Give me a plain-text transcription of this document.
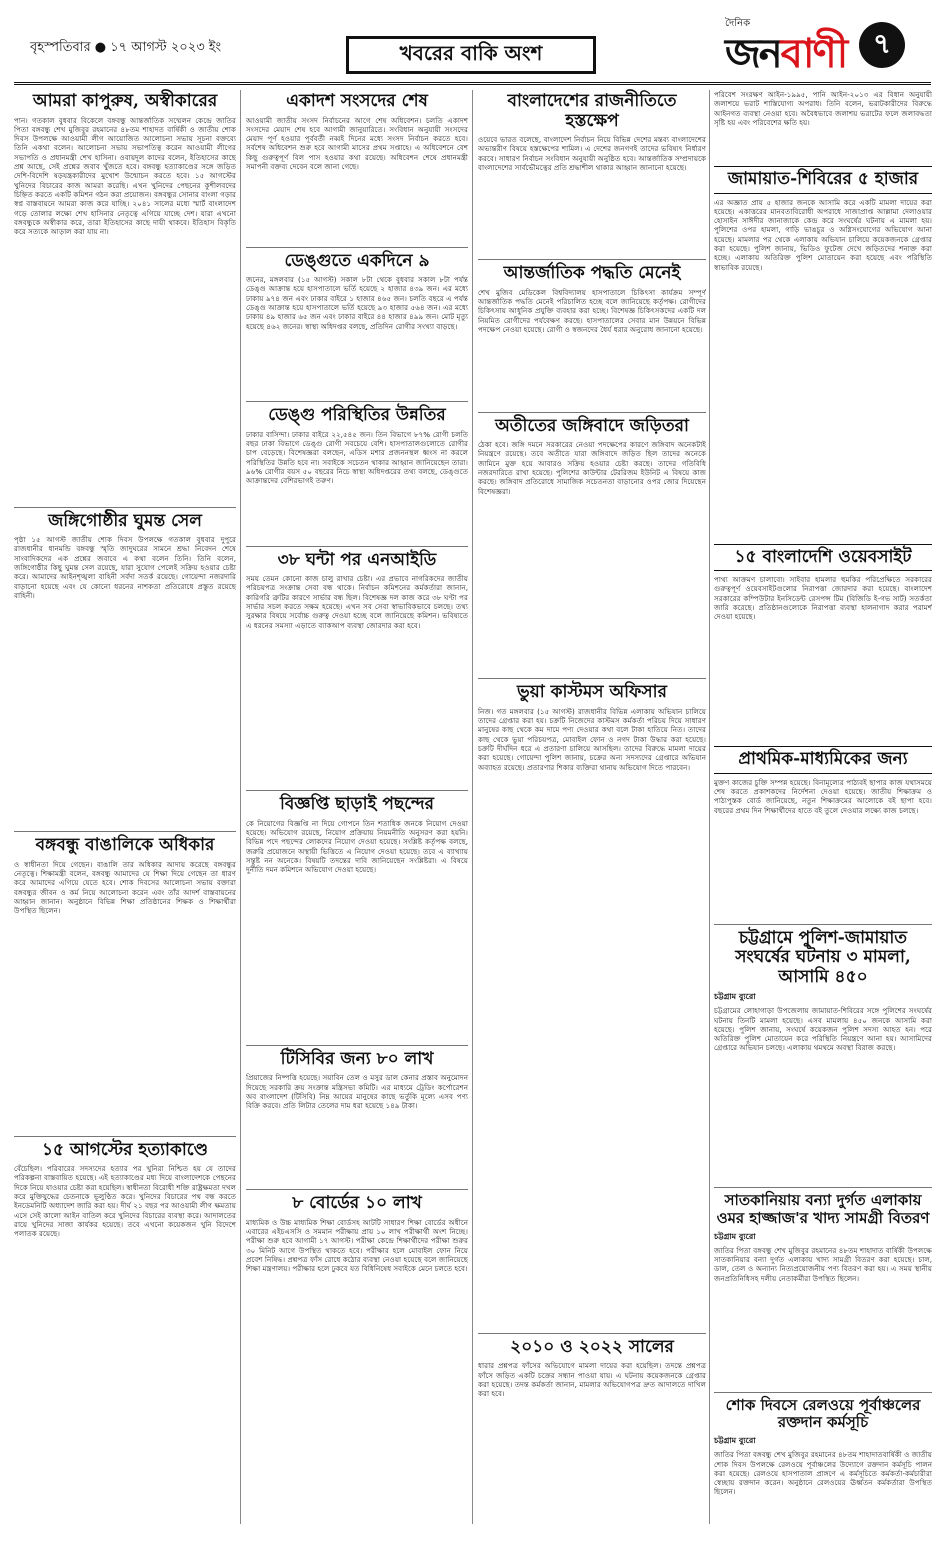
বৃহস্পতিবার ● ১৭ আগস্ট ২০২৩ ইং	খবরের বাকি অংশ
দৈনিক
জনবাণী ৭
আমরা কাপুরুষ, অস্বীকারের

পান। গতকাল বুধবার বিকেলে বঙ্গবন্ধু আন্তর্জাতিক সম্মেলন কেন্দ্রে জাতির পিতা বঙ্গবন্ধু শেখ মুজিবুর রহমানের ৪৮তম শাহাদত বার্ষিকী ও জাতীয় শোক দিবস উপলক্ষে আওয়ামী লীগ আয়োজিত আলোচনা সভায় সূচনা বক্তব্যে তিনি একথা বলেন। আলোচনা সভায় সভাপতিত্ব করেন আওয়ামী লীগের সভাপতি ও প্রধানমন্ত্রী শেখ হাসিনা। ওবায়দুল কাদের বলেন, ইতিহাসের কাছে প্রশ্ন আছে, সেই প্রশ্নের জবাব খুঁজতে হবে। বঙ্গবন্ধু হত্যাকাণ্ডের সঙ্গে জড়িত দেশি-বিদেশি ষড়যন্ত্রকারীদের মুখোশ উন্মোচন করতে হবে। ১৫ আগস্টের খুনিদের বিচারের কাজ আমরা করেছি। এখন খুনিদের পেছনের কুশীলবদের চিহ্নিত করতে একটি কমিশন গঠন করা প্রয়োজন। বঙ্গবন্ধুর সোনার বাংলা গড়ার স্বপ্ন বাস্তবায়নে আমরা কাজ করে যাচ্ছি। ২০৪১ সালের মধ্যে স্মার্ট বাংলাদেশ গড়ে তোলার লক্ষ্যে শেখ হাসিনার নেতৃত্বে এগিয়ে যাচ্ছে দেশ। যারা এখনো বঙ্গবন্ধুকে অস্বীকার করে, তারা ইতিহাসের কাছে দায়ী থাকবে। ইতিহাস বিকৃতি করে সত্যকে আড়াল করা যায় না।

জঙ্গিগোষ্ঠীর ঘুমন্ত সেল

পৃষ্ঠা ১৫ আগস্ট জাতীয় শোক দিবস উপলক্ষে গতকাল বুধবার দুপুরে রাজধানীর ধানমন্ডি বঙ্গবন্ধু স্মৃতি জাদুঘরের সামনে শ্রদ্ধা নিবেদন শেষে সাংবাদিকদের এক প্রশ্নের জবাবে এ কথা বলেন তিনি। তিনি বলেন, জঙ্গিগোষ্ঠীর কিছু ঘুমন্ত সেল রয়েছে, যারা সুযোগ পেলেই সক্রিয় হওয়ার চেষ্টা করে। আমাদের আইনশৃঙ্খলা বাহিনী সর্বদা সতর্ক রয়েছে। গোয়েন্দা নজরদারি বাড়ানো হয়েছে এবং যে কোনো ধরনের নাশকতা প্রতিরোধে প্রস্তুত রয়েছে বাহিনী।

বঙ্গবন্ধু বাঙালিকে অধিকার

ও স্বাধীনতা দিয়ে গেছেন। বাঙালি তার অধিকার আদায় করেছে বঙ্গবন্ধুর নেতৃত্বে। শিক্ষামন্ত্রী বলেন, বঙ্গবন্ধু আমাদের যে শিক্ষা দিয়ে গেছেন তা ধারণ করে আমাদের এগিয়ে যেতে হবে। শোক দিবসের আলোচনা সভায় বক্তারা বঙ্গবন্ধুর জীবন ও কর্ম নিয়ে আলোচনা করেন এবং তাঁর আদর্শ বাস্তবায়নের আহ্বান জানান। অনুষ্ঠানে বিভিন্ন শিক্ষা প্রতিষ্ঠানের শিক্ষক ও শিক্ষার্থীরা উপস্থিত ছিলেন।

১৫ আগস্টের হত্যাকাণ্ডে

বেঁচেছিল। পরিবারের সদস্যদের হত্যার পর খুনিরা নিশ্চিত হয় যে তাদের পরিকল্পনা বাস্তবায়িত হয়েছে। এই হত্যাকাণ্ডের মধ্য দিয়ে বাংলাদেশকে পেছনের দিকে নিয়ে যাওয়ার চেষ্টা করা হয়েছিল। স্বাধীনতা বিরোধী শক্তি রাষ্ট্রক্ষমতা দখল করে মুক্তিযুদ্ধের চেতনাকে ভূলুণ্ঠিত করে। খুনিদের বিচারের পথ বন্ধ করতে ইনডেমনিটি অধ্যাদেশ জারি করা হয়। দীর্ঘ ২১ বছর পর আওয়ামী লীগ ক্ষমতায় এসে সেই কালো আইন বাতিল করে খুনিদের বিচারের ব্যবস্থা করে। আদালতের রায়ে খুনিদের সাজা কার্যকর হয়েছে। তবে এখনো কয়েকজন খুনি বিদেশে পলাতক রয়েছে।

একাদশ সংসদের শেষ

আওয়ামী জাতীয় সংসদ নির্বাচনের আগে শেষ অধিবেশন। চলতি একাদশ সংসদের মেয়াদ শেষ হবে আগামী জানুয়ারিতে। সংবিধান অনুযায়ী সংসদের মেয়াদ পূর্ণ হওয়ার পূর্ববর্তী নব্বই দিনের মধ্যে সংসদ নির্বাচন করতে হবে। সর্বশেষ অধিবেশন শুরু হবে আগামী মাসের প্রথম সপ্তাহে। এ অধিবেশনে বেশ কিছু গুরুত্বপূর্ণ বিল পাস হওয়ার কথা রয়েছে। অধিবেশন শেষে প্রধানমন্ত্রী সমাপনী বক্তব্য দেবেন বলে জানা গেছে।

ডেঙ্গুতে একদিনে ৯

জনের, মঙ্গলবার (১৫ আগস্ট) সকাল ৮টা থেকে বুধবার সকাল ৮টা পর্যন্ত ডেঙ্গু আক্রান্ত হয়ে হাসপাতালে ভর্তি হয়েছে ২ হাজার ৪৩৯ জন। এর মধ্যে ঢাকায় ৯৭৪ জন এবং ঢাকার বাইরে ১ হাজার ৪৬৫ জন। চলতি বছরে এ পর্যন্ত ডেঙ্গু আক্রান্ত হয়ে হাসপাতালে ভর্তি হয়েছে ৯৩ হাজার ৫৬৪ জন। এর মধ্যে ঢাকায় ৪৯ হাজার ৬৫ জন এবং ঢাকার বাইরে ৪৪ হাজার ৪৯৯ জন। মোট মৃত্যু হয়েছে ৪৬২ জনের। স্বাস্থ্য অধিদপ্তর বলছে, প্রতিদিন রোগীর সংখ্যা বাড়ছে।

ডেঙ্গু পরিস্থিতির উন্নতির

ঢাকার বাসিন্দা। ঢাকার বাইরে ২২,৫৪৫ জন। তিন বিভাগে ৮৭% রোগী চলতি বছর ঢাকা বিভাগে ডেঙ্গু রোগী সবচেয়ে বেশি। হাসপাতালগুলোতে রোগীর চাপ বেড়েছে। বিশেষজ্ঞরা বলছেন, এডিস মশার প্রজননস্থল ধ্বংস না করলে পরিস্থিতির উন্নতি হবে না। সবাইকে সচেতন থাকার আহ্বান জানিয়েছেন তারা। ৯৬% রোগীর বয়স ৫০ বছরের নিচে স্বাস্থ্য অধিদপ্তরের তথ্য বলছে, ডেঙ্গুতে আক্রান্তদের বেশিরভাগই তরুণ।

৩৮ ঘন্টা পর এনআইডি

সময় তেমন কোনো কাজ চালু রাখার চেষ্টা। এর প্রভাবে নাগরিকদের জাতীয় পরিচয়পত্র সংক্রান্ত সেবা বন্ধ থাকে। নির্বাচন কমিশনের কর্মকর্তারা জানান, কারিগরি ত্রুটির কারণে সার্ভার বন্ধ ছিল। বিশেষজ্ঞ দল কাজ করে ৩৮ ঘণ্টা পর সার্ভার সচল করতে সক্ষম হয়েছে। এখন সব সেবা স্বাভাবিকভাবে চলছে। তথ্য সুরক্ষার বিষয়ে সর্বোচ্চ গুরুত্ব দেওয়া হচ্ছে বলে জানিয়েছে কমিশন। ভবিষ্যতে এ ধরনের সমস্যা এড়াতে ব্যাকআপ ব্যবস্থা জোরদার করা হবে।

বিজ্ঞপ্তি ছাড়াই পছন্দের

কে নিয়োগের বিজ্ঞপ্তি না দিয়ে গোপনে তিন শতাধিক জনকে নিয়োগ দেওয়া হয়েছে। অভিযোগ রয়েছে, নিয়োগ প্রক্রিয়ায় নিয়মনীতি অনুসরণ করা হয়নি। বিভিন্ন পদে পছন্দের লোকদের নিয়োগ দেওয়া হয়েছে। সংশ্লিষ্ট কর্তৃপক্ষ বলছে, জরুরি প্রয়োজনে অস্থায়ী ভিত্তিতে এ নিয়োগ দেওয়া হয়েছে। তবে এ ব্যাখ্যায় সন্তুষ্ট নন অনেকে। বিষয়টি তদন্তের দাবি জানিয়েছেন সংশ্লিষ্টরা। এ বিষয়ে দুর্নীতি দমন কমিশনে অভিযোগ দেওয়া হয়েছে।

টিসিবির জন্য ৮০ লাখ

প্রিয়াজের নিষ্পত্তি হয়েছে। সয়াবিন তেল ও মসুর ডাল কেনার প্রস্তাব অনুমোদন দিয়েছে সরকারি ক্রয় সংক্রান্ত মন্ত্রিসভা কমিটি। এর মাধ্যমে ট্রেডিং কর্পোরেশন অব বাংলাদেশ (টিসিবি) নিম্ন আয়ের মানুষের কাছে ভর্তুকি মূল্যে এসব পণ্য বিক্রি করবে। প্রতি লিটার তেলের দাম ধরা হয়েছে ১৪৯ টাকা।

৮ বোর্ডের ১০ লাখ

মাধ্যমিক ও উচ্চ মাধ্যমিক শিক্ষা বোর্ডসহ আটটি সাধারণ শিক্ষা বোর্ডের অধীনে এবারের এইচএসসি ও সমমান পরীক্ষায় প্রায় ১০ লাখ পরীক্ষার্থী অংশ নিচ্ছে। পরীক্ষা শুরু হবে আগামী ১৭ আগস্ট। পরীক্ষা কেন্দ্রে শিক্ষার্থীদের পরীক্ষা শুরুর ৩০ মিনিট আগে উপস্থিত থাকতে হবে। পরীক্ষার হলে মোবাইল ফোন নিয়ে প্রবেশ নিষিদ্ধ। প্রশ্নপত্র ফাঁস রোধে কঠোর ব্যবস্থা নেওয়া হয়েছে বলে জানিয়েছে শিক্ষা মন্ত্রণালয়। পরীক্ষার হলে ঢুকবে যত বিধিনিষেধ সবাইকে মেনে চলতে হবে।

বাংলাদেশের রাজনীতিতে হস্তক্ষেপ

ওয়েবে ভারত বলেছে, বাংলাদেশ নির্বাচন নিয়ে বিভিন্ন দেশের মন্তব্য বাংলাদেশের অভ্যন্তরীণ বিষয়ে হস্তক্ষেপের শামিল। এ দেশের জনগণই তাদের ভবিষ্যৎ নির্ধারণ করবে। সাধারণ নির্বাচন সংবিধান অনুযায়ী অনুষ্ঠিত হবে। আন্তর্জাতিক সম্প্রদায়কে বাংলাদেশের সার্বভৌমত্বের প্রতি শ্রদ্ধাশীল থাকার আহ্বান জানানো হয়েছে।

আন্তর্জাতিক পদ্ধতি মেনেই

শেখ মুজিব মেডিকেল বিশ্ববিদ্যালয় হাসপাতালে চিকিৎসা কার্যক্রম সম্পূর্ণ আন্তর্জাতিক পদ্ধতি মেনেই পরিচালিত হচ্ছে বলে জানিয়েছে কর্তৃপক্ষ। রোগীদের চিকিৎসায় আধুনিক প্রযুক্তি ব্যবহার করা হচ্ছে। বিশেষজ্ঞ চিকিৎসকদের একটি দল নিয়মিত রোগীদের পর্যবেক্ষণ করছে। হাসপাতালের সেবার মান উন্নয়নে বিভিন্ন পদক্ষেপ নেওয়া হয়েছে। রোগী ও স্বজনদের ধৈর্য ধরার অনুরোধ জানানো হয়েছে।

অতীতের জঙ্গিবাদে জড়িতরা

ঠেকা হবে। জঙ্গি দমনে সরকারের নেওয়া পদক্ষেপের কারণে জঙ্গিবাদ অনেকটাই নিয়ন্ত্রণে রয়েছে। তবে অতীতে যারা জঙ্গিবাদে জড়িত ছিল তাদের অনেকে জামিনে মুক্ত হয়ে আবারও সক্রিয় হওয়ার চেষ্টা করছে। তাদের গতিবিধি নজরদারিতে রাখা হয়েছে। পুলিশের কাউন্টার টেররিজম ইউনিট এ বিষয়ে কাজ করছে। জঙ্গিবাদ প্রতিরোধে সামাজিক সচেতনতা বাড়ানোর ওপর জোর দিয়েছেন বিশেষজ্ঞরা।

ভুয়া কাস্টমস অফিসার

নিজ। গত মঙ্গলবার (১৫ আগস্ট) রাজধানীর বিভিন্ন এলাকায় অভিযান চালিয়ে তাদের গ্রেপ্তার করা হয়। চক্রটি নিজেদের কাস্টমস কর্মকর্তা পরিচয় দিয়ে সাধারণ মানুষের কাছ থেকে কম দামে পণ্য দেওয়ার কথা বলে টাকা হাতিয়ে নিত। তাদের কাছ থেকে ভুয়া পরিচয়পত্র, মোবাইল ফোন ও নগদ টাকা উদ্ধার করা হয়েছে। চক্রটি দীর্ঘদিন ধরে এ প্রতারণা চালিয়ে আসছিল। তাদের বিরুদ্ধে মামলা দায়ের করা হয়েছে। গোয়েন্দা পুলিশ জানায়, চক্রের অন্য সদস্যদের গ্রেপ্তারে অভিযান অব্যাহত রয়েছে। প্রতারণার শিকার ব্যক্তিরা থানায় অভিযোগ দিতে পারবেন।

২০১০ ও ২০২২ সালের

ধারার প্রশ্নপত্র ফাঁসের অভিযোগে মামলা দায়ের করা হয়েছিল। তদন্তে প্রশ্নপত্র ফাঁসে জড়িত একটি চক্রের সন্ধান পাওয়া যায়। এ ঘটনায় কয়েকজনকে গ্রেপ্তার করা হয়েছে। তদন্ত কর্মকর্তা জানান, মামলার অভিযোগপত্র দ্রুত আদালতে দাখিল করা হবে।

পরিবেশ সংরক্ষণ আইন-১৯৯৫, পানি আইন-২০১৩ এর বিধান অনুযায়ী জলাশয়ে ভরাট শাস্তিযোগ্য অপরাধ। তিনি বলেন, ভরাটকারীদের বিরুদ্ধে আইনগত ব্যবস্থা নেওয়া হবে। অবৈধভাবে জলাশয় ভরাটের ফলে জলাবদ্ধতা সৃষ্টি হয় এবং পরিবেশের ক্ষতি হয়।

জামায়াত-শিবিরের ৫ হাজার

এর অজ্ঞাত প্রায় ৫ হাজার জনকে আসামি করে একটি মামলা দায়ের করা হয়েছে। একাত্তরের মানবতাবিরোধী অপরাধে সাজাপ্রাপ্ত আল্লামা দেলাওয়ার হোসাইন সাঈদীর জানাজাকে কেন্দ্র করে সংঘর্ষের ঘটনায় এ মামলা হয়। পুলিশের ওপর হামলা, গাড়ি ভাঙচুর ও অগ্নিসংযোগের অভিযোগ আনা হয়েছে। মামলার পর থেকে এলাকায় অভিযান চালিয়ে কয়েকজনকে গ্রেপ্তার করা হয়েছে। পুলিশ জানায়, ভিডিও ফুটেজ দেখে জড়িতদের শনাক্ত করা হচ্ছে। এলাকায় অতিরিক্ত পুলিশ মোতায়েন করা হয়েছে এবং পরিস্থিতি স্বাভাবিক রয়েছে।

১৫ বাংলাদেশি ওয়েবসাইট

পাথ্য আক্রমণ চালাবো। সাইবার হামলার হুমকির পরিপ্রেক্ষিতে সরকারের গুরুত্বপূর্ণ ওয়েবসাইটগুলোর নিরাপত্তা জোরদার করা হয়েছে। বাংলাদেশ সরকারের কম্পিউটার ইনসিডেন্ট রেসপন্স টিম (বিজিডি ই-গভ সার্ট) সতর্কতা জারি করেছে। প্রতিষ্ঠানগুলোকে নিরাপত্তা ব্যবস্থা হালনাগাদ করার পরামর্শ দেওয়া হয়েছে।

প্রাথমিক-মাধ্যমিকের জন্য

মুক্তণ কাজের চুক্তি সম্পন্ন হয়েছে। বিনামূল্যের পাঠ্যবই ছাপার কাজ যথাসময়ে শেষ করতে প্রকাশকদের নির্দেশনা দেওয়া হয়েছে। জাতীয় শিক্ষাক্রম ও পাঠ্যপুস্তক বোর্ড জানিয়েছে, নতুন শিক্ষাক্রমের আলোকে বই ছাপা হবে। বছরের প্রথম দিন শিক্ষার্থীদের হাতে বই তুলে দেওয়ার লক্ষ্যে কাজ চলছে।

চট্টগ্রামে পুলিশ-জামায়াত সংঘর্ষের ঘটনায় ৩ মামলা, আসামি ৪৫০
চট্টগ্রাম ব্যুরো

চট্টগ্রামের লোহাগাড়া উপজেলায় জামায়াত-শিবিরের সঙ্গে পুলিশের সংঘর্ষের ঘটনায় তিনটি মামলা হয়েছে। এসব মামলায় ৪৫০ জনকে আসামি করা হয়েছে। পুলিশ জানায়, সংঘর্ষে কয়েকজন পুলিশ সদস্য আহত হন। পরে অতিরিক্ত পুলিশ মোতায়েন করে পরিস্থিতি নিয়ন্ত্রণে আনা হয়। আসামিদের গ্রেপ্তারে অভিযান চলছে। এলাকায় থমথমে অবস্থা বিরাজ করছে।

সাতকানিয়ায় বন্যা দুর্গত এলাকায় ওমর হাজ্জাজ'র খাদ্য সামগ্রী বিতরণ
চট্টগ্রাম ব্যুরো

জাতির পিতা বঙ্গবন্ধু শেখ মুজিবুর রহমানের ৪৮তম শাহাদাত বার্ষিকী উপলক্ষে সাতকানিয়ার বন্যা দুর্গত এলাকায় খাদ্য সামগ্রী বিতরণ করা হয়েছে। চাল, ডাল, তেল ও অন্যান্য নিত্যপ্রয়োজনীয় পণ্য বিতরণ করা হয়। এ সময় স্থানীয় জনপ্রতিনিধিসহ দলীয় নেতাকর্মীরা উপস্থিত ছিলেন।

শোক দিবসে রেলওয়ে পূর্বাঞ্চলের রক্তদান কর্মসূচি
চট্টগ্রাম ব্যুরো

জাতির পিতা বঙ্গবন্ধু শেখ মুজিবুর রহমানের ৪৮তম শাহাদাতবার্ষিকী ও জাতীয় শোক দিবস উপলক্ষে রেলওয়ে পূর্বাঞ্চলের উদ্যোগে রক্তদান কর্মসূচি পালন করা হয়েছে। রেলওয়ে হাসপাতাল প্রাঙ্গণে এ কর্মসূচিতে কর্মকর্তা-কর্মচারীরা স্বেচ্ছায় রক্তদান করেন। অনুষ্ঠানে রেলওয়ের ঊর্ধ্বতন কর্মকর্তারা উপস্থিত ছিলেন।
